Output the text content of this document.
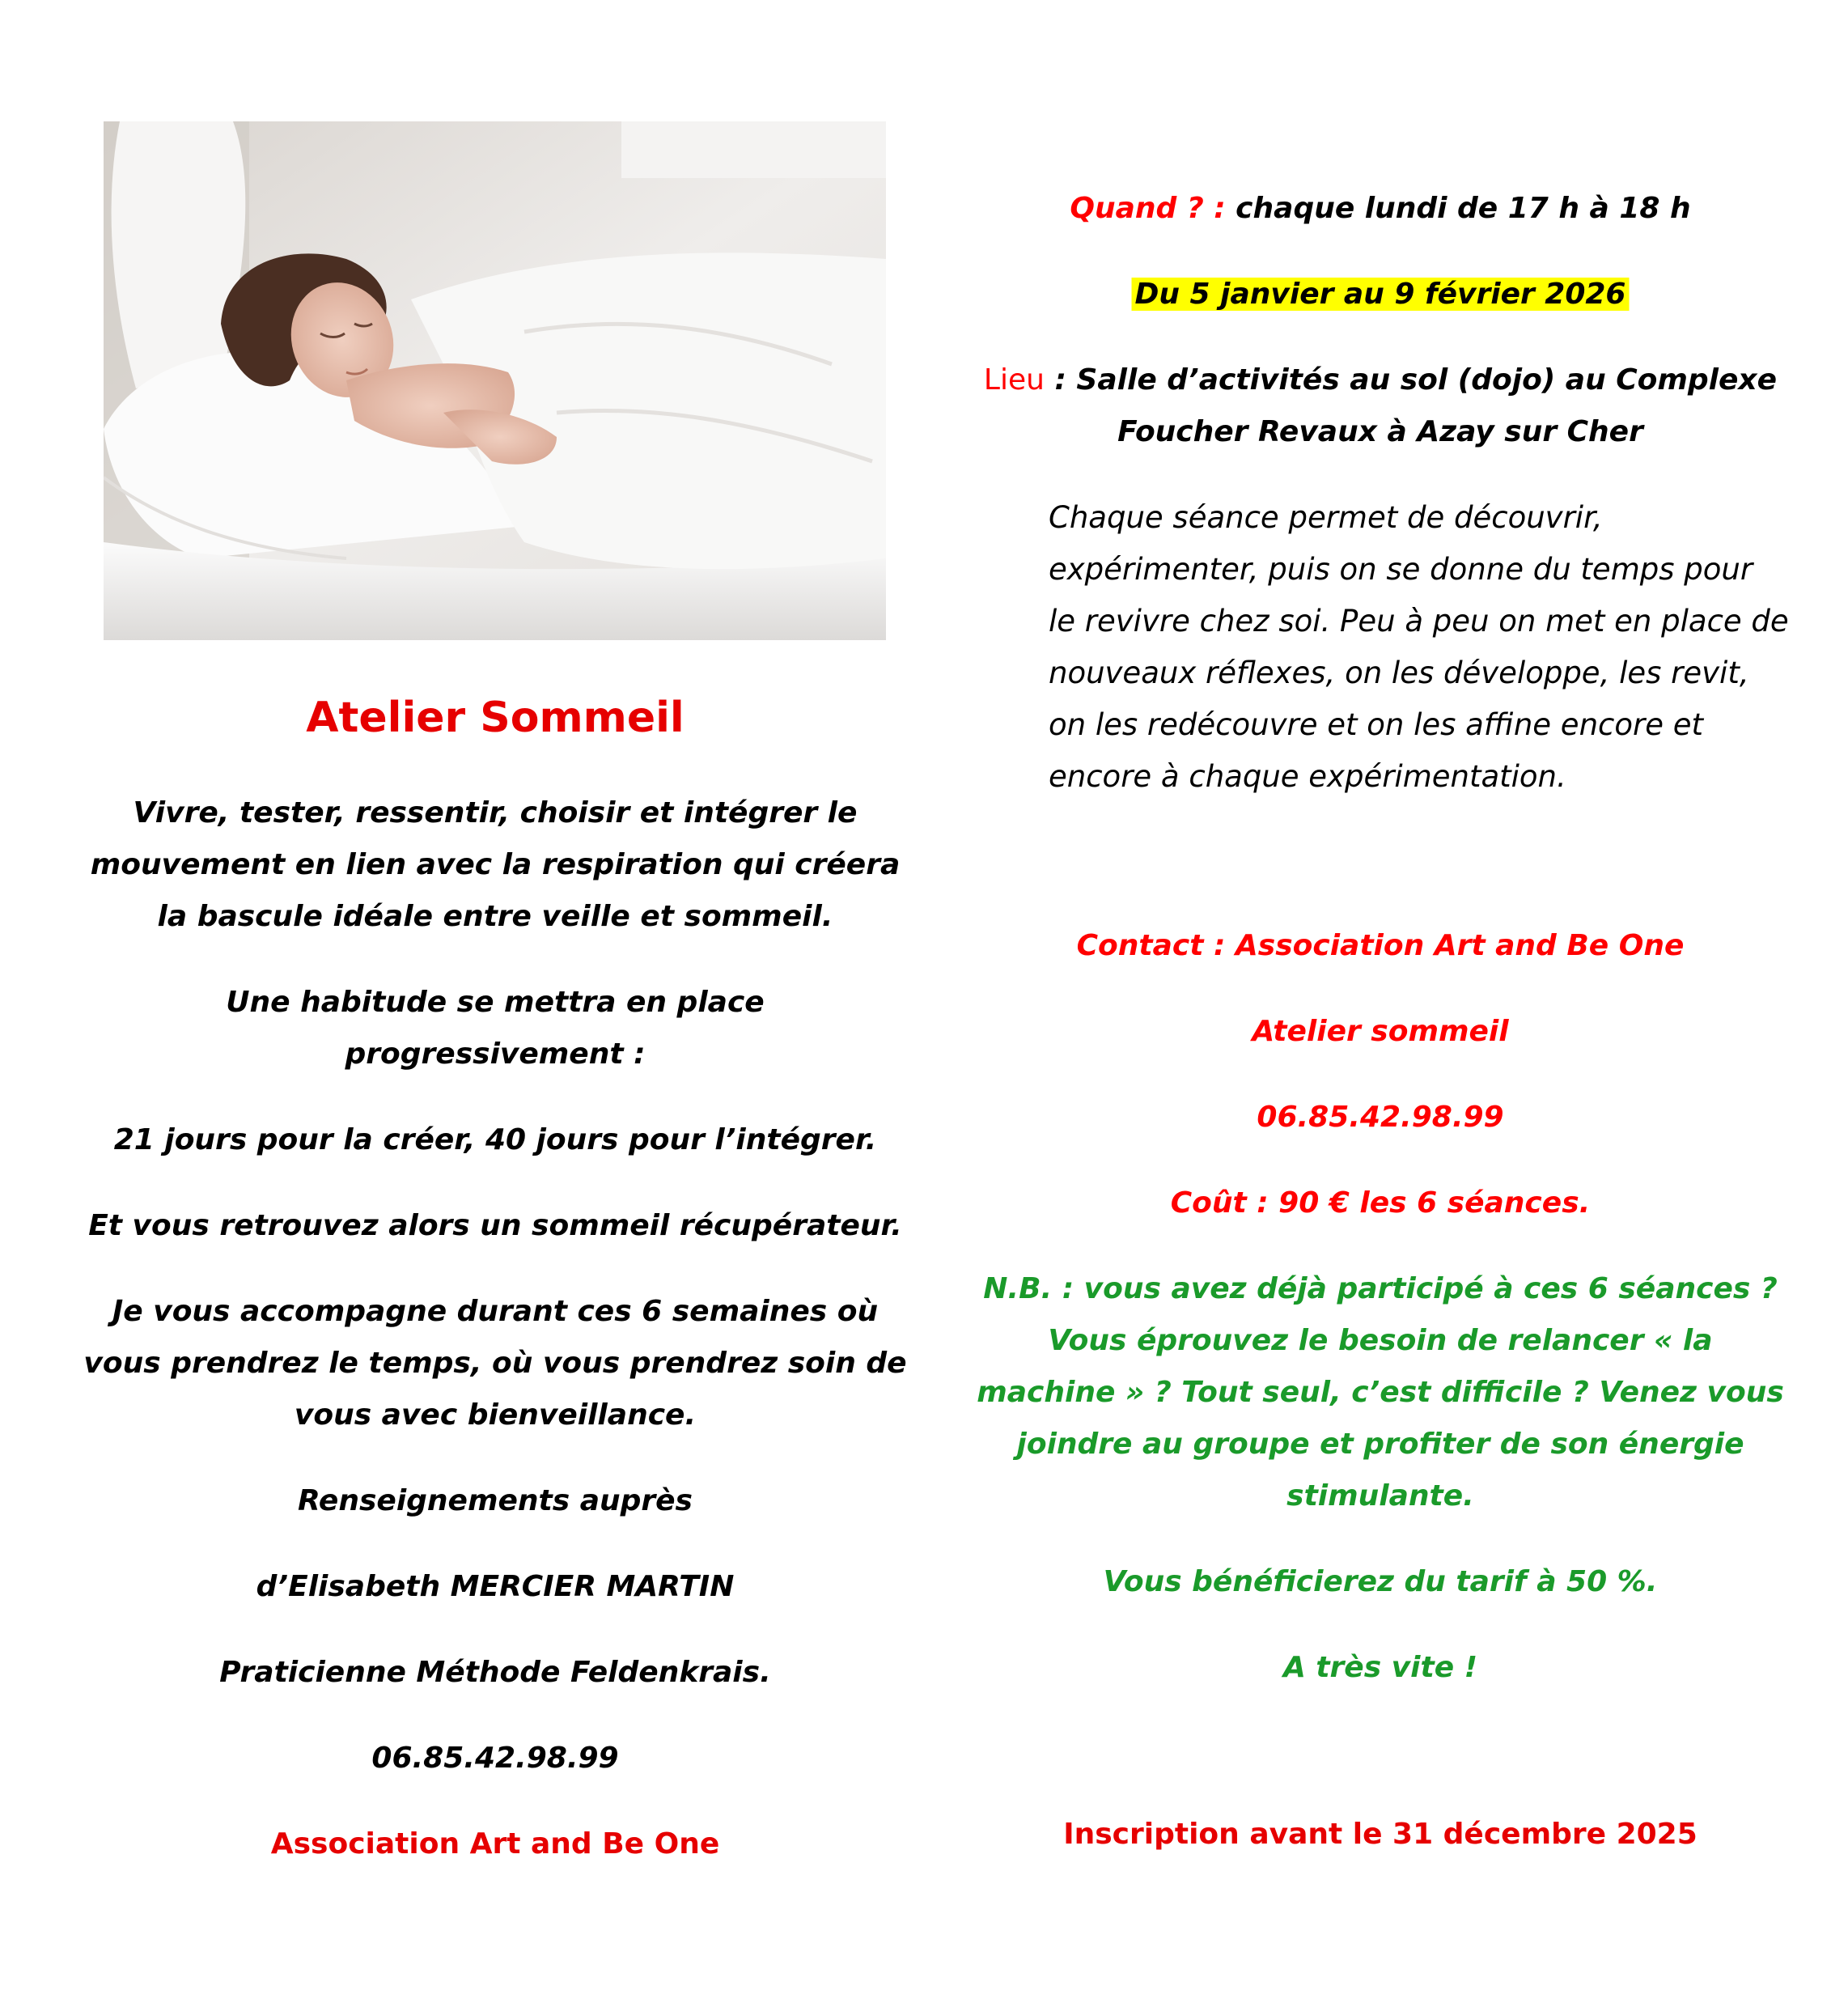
Atelier Sommeil
Vivre, tester, ressentir, choisir et intégrer le
mouvement en lien avec la respiration qui créera
la bascule idéale entre veille et sommeil.
Une habitude se mettra en place
progressivement :
21 jours pour la créer, 40 jours pour l’intégrer.
Et vous retrouvez alors un sommeil récupérateur.
Je vous accompagne durant ces 6 semaines où
vous prendrez le temps, où vous prendrez soin de
vous avec bienveillance.
Renseignements auprès
d’Elisabeth MERCIER MARTIN
Praticienne Méthode Feldenkrais.
06.85.42.98.99
Association Art and Be One
Quand ? : chaque lundi de 17 h à 18 h
Du 5 janvier au 9 février 2026
Lieu : Salle d’activités au sol (dojo) au Complexe
Foucher Revaux à Azay sur Cher
Chaque séance permet de découvrir,
expérimenter, puis on se donne du temps pour
le revivre chez soi. Peu à peu on met en place de
nouveaux réflexes, on les développe, les revit,
on les redécouvre et on les affine encore et
encore à chaque expérimentation.
Contact : Association Art and Be One
Atelier sommeil
06.85.42.98.99
Coût : 90 € les 6 séances.
N.B. : vous avez déjà participé à ces 6 séances ?
Vous éprouvez le besoin de relancer « la
machine » ? Tout seul, c’est difficile ? Venez vous
joindre au groupe et profiter de son énergie
stimulante.
Vous bénéficierez du tarif à 50 %.
A très vite !
Inscription avant le 31 décembre 2025
